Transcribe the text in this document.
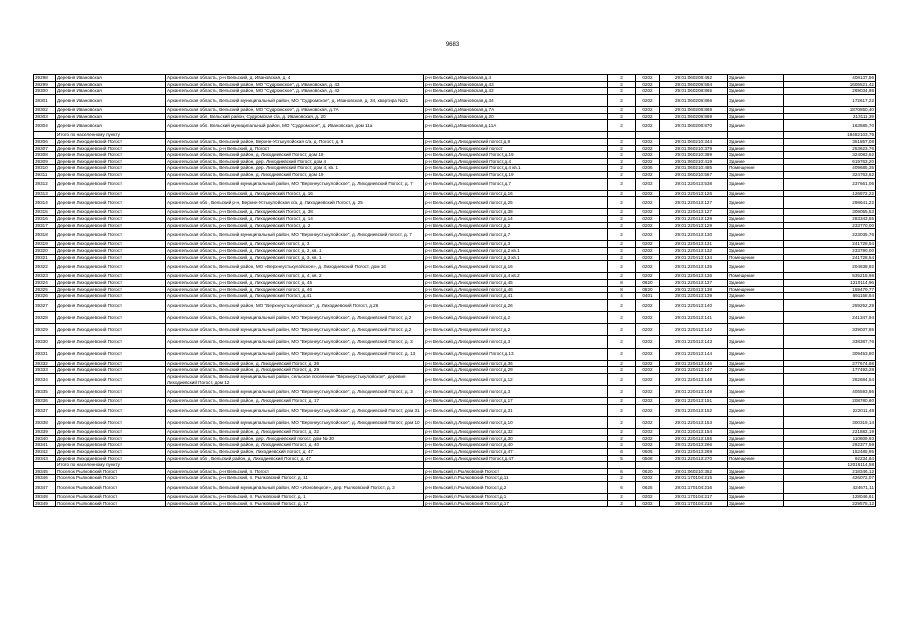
9683
39298	Деревня Ивановская	Архангельская область, р-н Вельский, д. Ивановская, д. 4	р-н Вельский,д.Ивановская,д.4	2	0202	29:01:060208:462	Здание	408137,56
39299	Деревня Ивановская	Архангельская область, Вельский район, МО "Судромское", д. Ивановская, д. 43	р-н Вельский,д.Ивановская,д.43	2	0202	29:01:060208:584	Здание	1605521,42
39300	Деревня Ивановская	Архангельская область, Вельский район, МО "Судромское", д. Ивановская, д. 42	р-н Вельский,д.Ивановская,д.42	2	0202	29:01:060208:865	Здание	269034,98
39301	Деревня Ивановская	Архангельская область, Вельский муниципальный район, МО "Судромское", д. Ивановская, д. 34, квартира №21	р-н Вельский,д.Ивановская,д.34	2	0202	29:01:060208:866	Здание	172617,22
39302	Деревня Ивановская	Архангельская область, Вельский район, МО "Судромское", д. Ивановская, д.7А	р-н Вельский,д.Ивановская,д.7А	2	0202	29:01:060208:868	Здание	1870850,40
39303	Деревня Ивановская	Архангельская обл, Вельский район, Судромская с/а, д. Ивановская, д. 20	р-н Вельский,д.Ивановская,д.20	2	0202	29:01:060208:869	Здание	213111,39
39304	Деревня Ивановская	Архангельская обл. Вельский муниципальный район, МО "Судромское", д. Ивановская, дом 11а	р-н Вельский,д.Ивановская,д.11А	2	0202	29:01:060208:870	Здание	163585,70
	Итого по населенному пункту							18482103,75
39306	Деревня Лиходиевский Погост	Архангельская область, Вельский район, Верхне-Устькулойская с/а, д. Погост, д. 9	р-н Вельский,д.Лиходиевский погост,д.9	2	0202	29:01:060210:344	Здание	351857,08
39307	Деревня Лиходиевский Погост	Архангельская область, р-н Вельский, д. Погост	р-н Вельский,д.Лиходиевский погост	2	0202	29:01:060210:379	Здание	253623,76
39308	Деревня Лиходиевский Погост	Архангельская область, Вельский район, д. Лиходиевский Погост, дом 19	р-н Вельский,д.Лиходиевский Погост,д.19	2	0202	29:01:060210:389	Здание	324083,62
39309	Деревня Лиходиевский Погост	Архангельская область, Вельский район, дер. Лиходиевский Погост, дом 4	р-н Вельский,д.Лиходиевский Погост,д.4	2	0202	29:01:060210:419	Здание	619763,20
39310	Деревня Лиходиевский Погост	Архангельская область, Вельский район, дер. Лиходиевский Погост, дом 4, кв. 1	р-н Вельский,д.Лиходиевский Погост,д.4 кв.1	2	0206	29:01:060210:485	Помещение	409685,35
39311	Деревня Лиходиевский Погост	Архангельская область, Вельский район, д. Лиходиевский Погост, дом 19	р-н Вельский,д.Лиходиевский Погост,д.19	2	0202	29:01:060210:567	Здание	324763,62
39312	Деревня Лиходиевский Погост	Архангельская область, Вельский муниципальный район, МО "Верхнеустькулойское", д. Лиходиевский Погост, д. 7	р-н Вельский,д.Лиходиевский Погост,д.7	2	0202	29:01:220413:538	Здание	237661,06
39313	Деревня Лиходиевский Погост	Архангельская область, р-н Вельский, д. Лиходиевский Погост, д. 16	р-н Вельский,д.Лиходиевский погост,д.16	2	0202	29:01:220413:126	Здание	126872,22
39314	Деревня Лиходиевский Погост	Архангельская обл., Вельский р-н, Верхне-Устькулойская с/а, д. Лиходиевский Погост, д. 25	р-н Вельский,д.Лиходиевский погост,д.25	2	0202	29:01:220413:127	Здание	298641,22
39315	Деревня Лиходиевский Погост	Архангельская область, р-н Вельский, д. Лиходиевский Погост, д. 38	р-н Вельский,д.Лиходиевский погост,д.38	2	0202	29:01:220413:127	Здание	309055,53
39316	Деревня Лиходиевский Погост	Архангельская область, р-н Вельский, д. Лиходиевский Погост, д. 14	р-н Вельский,д.Лиходиевский погост,д.14	2	0202	29:01:220413:128	Здание	283343,55
39317	Деревня Лиходиевский Погост	Архангельская область, р-н Вельский, д. Лиходиевский Погост, д. 2	р-н Вельский,д.Лиходиевский погост,д.2	2	0202	29:01:220413:129	Здание	233770,00
39318	Деревня Лиходиевский Погост	Архангельская область, Вельский муниципальный район, МО "Верхнеустькулойское", д. Лиходиевский погост, д. 7	р-н Вельский,д.Лиходиевский погост,д.7	2	0202	29:01:220413:130	Здание	223035,76
39319	Деревня Лиходиевский Погост	Архангельская область, р-н Вельский, д. Лиходиевский погост, д. 3	р-н Вельский,д.Лиходиевский погост,д.3	2	0202	29:01:220413:131	Здание	241728,54
39320	Деревня Лиходиевский Погост	Архангельская область, р-н Вельский, д. Лиходиевский погост, д. 2, кв. 1	р-н Вельский,д.Лиходиевский погост,д.2 кв.1	2	0202	29:01:220413:132	Здание	233790,00
39321	Деревня Лиходиевский Погост	Архангельская область, р-н Вельский, д. Лиходиевский погост, д. 3, кв. 1	р-н Вельский,д.Лиходиевский погост,д.3 кв.1	2	0202	29:01:220413:134	Помещение	241728,54
39322	Деревня Лиходиевский Погост	Архангельская область, Вельский район, МО «Верхнеустькулойское», д. Лиходиевский Погост, дом 16	р-н Вельский,д.Лиходиевский погост,д.16	2	0202	29:01:220413:135	Здание	204638,92
39323	Деревня Лиходиевский Погост	Архангельская область, р-н Вельский, д. Лиходиевский погост, д. 4, кв. 2	р-н Вельский,д.Лиходиевский погост,д.4 кв.2	2	0202	29:01:220413:136	Помещение	535215,98
39324	Деревня Лиходиевский Погост	Архангельская область, р-н Вельский, д. Лиходиевский погост, д. 45	р-н Вельский,д.Лиходиевский погост,д.45	8	0820	29:01:220413:137	Здание	1210114,96
39325	Деревня Лиходиевский Погост	Архангельская область, р-н Вельский, д. Лиходиевский погост, д. 46	р-н Вельский,д.Лиходиевский погост,д.46	8	0820	29:01:220413:138	Помещение	159479,77
39326	Деревня Лиходиевский Погост	Архангельская область, р-н Вельский, д. Лиходиевский Погост, д.41	р-н Вельский,д.Лиходиевский погост,д.41	4	0401	29:01:220413:139	Здание	691158,84
39327	Деревня Лиходиевский Погост	Архангельская область, Вельский район, МО "Верхнеустькулойское", д. Лиходиевский Погост, д.26	р-н Вельский,д.Лиходиевский погост,д.26	2	0202	29:01:220413:140	Здание	259252,29
39328	Деревня Лиходиевский Погост	Архангельская область, Вельский муниципальный район, МО "Верхнеустькулойское", д. Лиходиевский Погост, д.2	р-н Вельский,д.Лиходиевский погост,д.2	2	0202	29:01:220413:141	Здание	241347,94
39329	Деревня Лиходиевский Погост	Архангельская область, Вельский муниципальный район, МО "Верхнеустькулойское", д. Лиходиевский Погост, д.2	р-н Вельский,д.Лиходиевский погост,д.2	2	0202	29:01:220413:142	Здание	339037,85
39330	Деревня Лиходиевский Погост	Архангельская область, Вельский муниципальный район, МО "Верхнеустькулойское", д. Лиходиевский Погост, д. 3	р-н Вельский,д.Лиходиевский погост,д.3	2	0202	29:01:220413:143	Здание	338387,76
39331	Деревня Лиходиевский Погост	Архангельская область, Вельский муниципальный район, МО "Верхнеустькулойское", д. Лиходиевский Погост, д. 13	р-н Вельский,д.Лиходиевский Погост,д.13	2	0202	29:01:220413:144	Здание	309453,80
39332	Деревня Лиходиевский Погост	Архангельская область, Вельский район, д. Лиходиевский Погост, д. 36	р-н Вельский,д.Лиходиевский погост,д.36	2	0202	29:01:220413:146	Здание	277674,88
39333	Деревня Лиходиевский Погост	Архангельская область, Вельский район, д. Лиходиевский Погост, д. 29	р-н Вельский,д.Лиходиевский погост,д.29	2	0202	29:01:220413:147	Здание	177493,28
39334	Деревня Лиходиевский Погост	Архангельская область, Вельский муниципальный район, сельское поселение "Верхнеустькулойское", деревня Лиходиевский Погост, дом 12	р-н Вельский,д.Лиходиевский погост,д.12	2	0202	29:01:220413:148	Здание	282684,54
39335	Деревня Лиходиевский Погост	Архангельская область, Вельский муниципальный район, МО "Верхнеустькулойское", д. Лиходиевский Погост, д. 3	р-н Вельский,д.Лиходиевский погост,д.3	2	0202	29:01:220413:149	Здание	405593,86
39336	Деревня Лиходиевский Погост	Архангельская область, Вельский район, д. Лиходиевский Погост, д. 17	р-н Вельский,д.Лиходиевский погост,д.17	2	0202	29:01:220413:151	Здание	208780,60
39337	Деревня Лиходиевский Погост	Архангельская область, Вельский муниципальный район, МО "Верхнеустькулойское", д. Лиходиевский Погост, дом 31	р-н Вельский,д.Лиходиевский погост,д.31	2	0202	29:01:220413:152	Здание	222011,48
39338	Деревня Лиходиевский Погост	Архангельская область, Вельский муниципальный район, МО "Верхнеустькулойское", д. Лиходиевский Погост, дом 10	р-н Вельский,д.Лиходиевский погост,д.10	2	0202	29:01:220413:153	Здание	300319,14
39339	Деревня Лиходиевский Погост	Архангельская область, Вельский район, д. Лиходиевский Погост, д. 32	р-н Вельский,д.Лиходиевский погост,д.32	2	0202	29:01:220413:154	Здание	221882,19
39340	Деревня Лиходиевский Погост	Архангельская область, Вельский район, дер. Лиходиевский погост, дом № 30	р-н Вельский,д.Лиходиевский погост,д.30	2	0202	29:01:220413:155	Здание	110809,93
39341	Деревня Лиходиевский Погост	Архангельская область, Вельский район, д. Лиходиевский Погост, д. 40	р-н Вельский,д.Лиходиевский погост,д.40	2	0202	29:01:220413:266	Здание	292377,59
39342	Деревня Лиходиевский Погост	Архангельская область, Вельский район, Лиходиевский погост, д. 47	р-н Вельский,д.Лиходиевский погост,д.47	6	0605	29:01:220413:269	Здание	152485,95
39343	Деревня Лиходиевский Погост	Архангельская обл., Вельский район, д. Лиходиевский Погост, д. 47	р-н Вельский,д.Лиходиевский Погост,д.47	5	0508	29:01:220413:270	Помещение	92234,84
	Итого по населенному пункту							12016114,58
39345	Поселок Рылковский Погост	Архангельская область, р-н Вельский, п. Погост	р-н Вельский,п.Рылковский Погост	6	0620	29:01:060210:352	Здание	218346,12
39346	Поселок Рылковский Погост	Архангельская область, р-н Вельский, п. Рылковский Погост, д. 11	р-н Вельский,п.Рылковский Погост,д.11	2	0202	29:01:170104:215	Здание	426072,07
39347	Поселок Рылковский Погост	Архангельская область, Вельский муниципальный район, МО «Ионовецкое», дер. Рылковский Погост, д. 2	р-н Вельский,п.Рылковский Погост,д.2	6	0625	29:01:170104:216	Здание	424671,11
39348	Поселок Рылковский Погост	Архангельская область, р-н Вельский, п. Рылковский Погост, д. 1	р-н Вельский,п.Рылковский Погост,д.1	2	0202	29:01:170104:217	Здание	128046,61
39349	Поселок Рылковский Погост	Архангельская область, р-н Вельский, п. Рылковский Погост, д. 17	р-н Вельский,п.Рылковский Погост,д.17	2	0202	29:01:170104:218	Здание	229575,12
